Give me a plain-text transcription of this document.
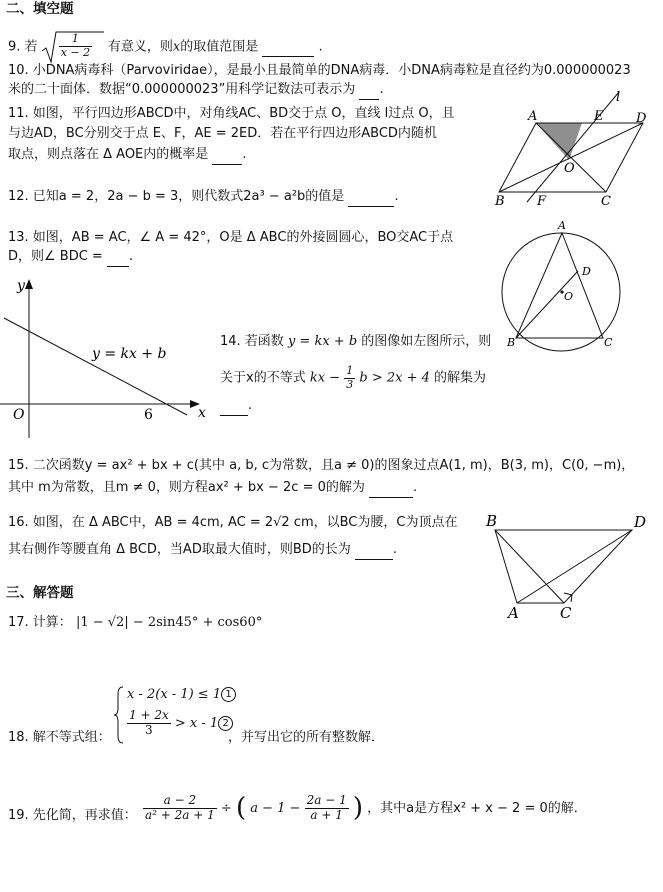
二、填空题
9. 若 $\frac{1}{x - 2}$ 有意义，则x的取值范围是	.
10. 小DNA病毒科（Parvoviridae），是最小且最简单的DNA病毒．小DNA病毒粒是直径约为0.000000023
米的二十面体．数据“0.000000023”用科学记数法可表示为 .
11. 如图，平行四边形ABCD中，对角线AC、BD交于点 O，直线 l过点 O，且
与边AD，BC分别交于点 E、F，AE = 2ED．若在平行四边形ABCD内随机
取点，则点落在 Δ AOE内的概率是	.
A	E	D
l
O
B F	C
12. 已知a = 2，2a − b = 3，则代数式2a³ − a²b的值是	.
13. 如图，AB = AC，∠ A = 42°，O是 Δ ABC的外接圆圆心，BO交AC于点
D，则∠ BDC = .
A
D
O
B	C
y
x
O	6
y = kx + b
14. 若函数 y = kx + b 的图像如左图所示，则
关于x的不等式 kx − $\frac{1}{3}$ b > 2x + 4 的解集为
.
15. 二次函数y = ax² + bx + c(其中 a, b, c为常数，且a ≠ 0)的图象过点A(1, m)，B(3, m)，C(0, −m)，
其中 m为常数，且m ≠ 0，则方程ax² + bx − 2c = 0的解为	.
16. 如图，在 Δ ABC中，AB = 4cm, AC = 2√2 cm，以BC为腰，C为顶点在
其右侧作等腰直角 Δ BCD，当AD取最大值时，则BD的长为	.
B	D
A	C
三、解答题
17. 计算： |1 − √2| − 2sin45° + cos60°
18. 解不等式组：
x - 2(x - 1) ≤ 1 1
$\frac{1 + 2x}{3} > x - 1$ 2
，并写出它的所有整数解．
19. 先化简，再求值： $\frac{a - 2}{\text{a² + 2a + 1}}$ ÷ ( $a - 1 - \frac{2a - 1}{a + 1}$ ) ，其中a是方程x² + x − 2 = 0的解．
